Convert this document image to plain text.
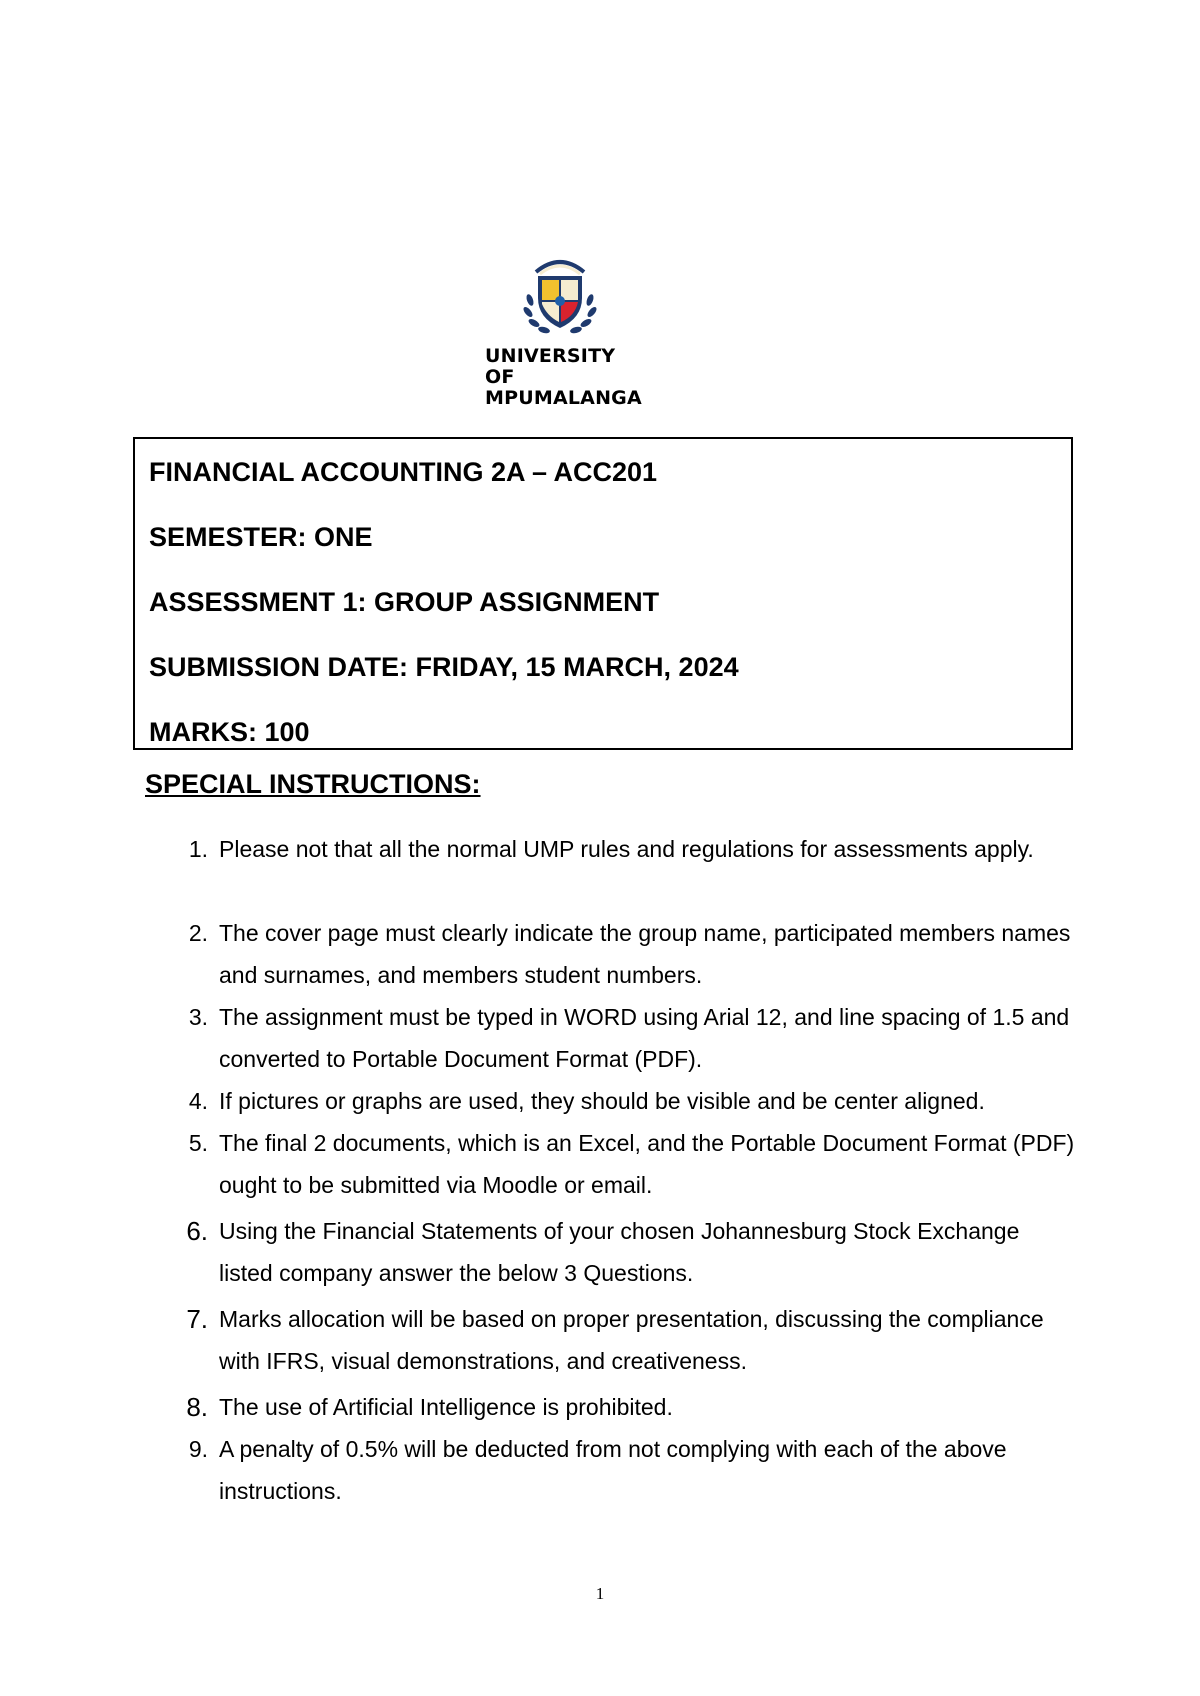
UNIVERSITY OF
MPUMALANGA
FINANCIAL ACCOUNTING 2A – ACC201
SEMESTER: ONE
ASSESSMENT 1: GROUP ASSIGNMENT
SUBMISSION DATE: FRIDAY, 15 MARCH, 2024
MARKS: 100
SPECIAL INSTRUCTIONS:
1. Please not that all the normal UMP rules and regulations for assessments apply.
2. The cover page must clearly indicate the group name, participated members names and surnames, and members student numbers.
3. The assignment must be typed in WORD using Arial 12, and line spacing of 1.5 and converted to Portable Document Format (PDF).
4. If pictures or graphs are used, they should be visible and be center aligned.
5. The final 2 documents, which is an Excel, and the Portable Document Format (PDF) ought to be submitted via Moodle or email.
6. Using the Financial Statements of your chosen Johannesburg Stock Exchange listed company answer the below 3 Questions.
7. Marks allocation will be based on proper presentation, discussing the compliance with IFRS, visual demonstrations, and creativeness.
8. The use of Artificial Intelligence is prohibited.
9. A penalty of 0.5% will be deducted from not complying with each of the above instructions.
1
